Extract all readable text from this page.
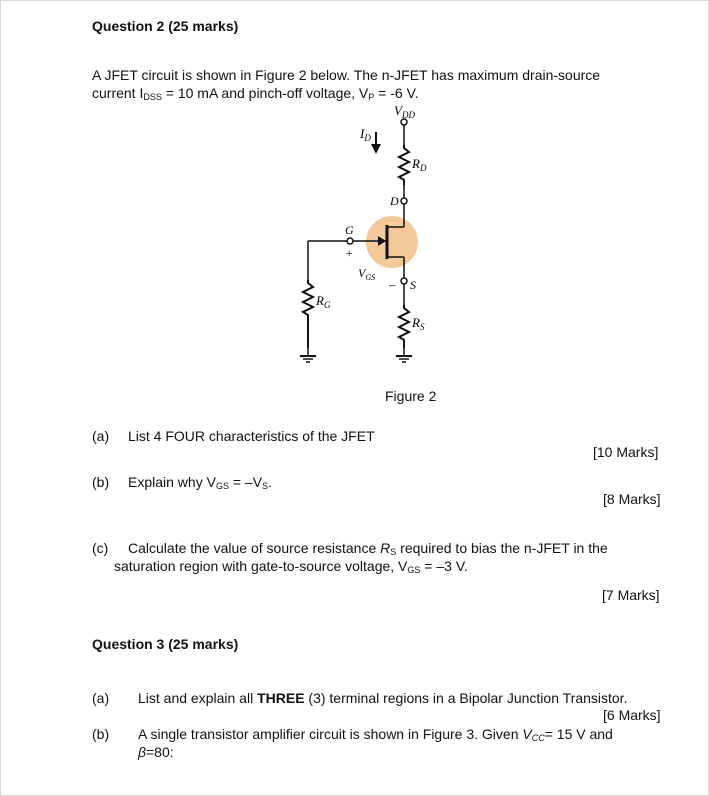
Question 2 (25 marks)
A JFET circuit is shown in Figure 2 below. The n-JFET has maximum drain-source
current $I_{DSS} = 10$ mA and pinch-off voltage, $V_P = -6$ V.
$V_{DD}$
$I_D$
$R_D$
D
G
+
$V_{GS}$ – S
$R_G$
$R_S$
Figure 2
(a) List 4 FOUR characteristics of the JFET
[10 Marks]
(b) Explain why $V_{GS} = -V_S$.
[8 Marks]
(c) Calculate the value of source resistance $R_S$ required to bias the n-JFET in the
saturation region with gate-to-source voltage, $V_{GS} = -3$ V.
[7 Marks]
Question 3 (25 marks)
(a) List and explain all THREE (3) terminal regions in a Bipolar Junction Transistor.
[6 Marks]
(b) A single transistor amplifier circuit is shown in Figure 3. Given $V_{CC}= 15$ V and
β=80:
